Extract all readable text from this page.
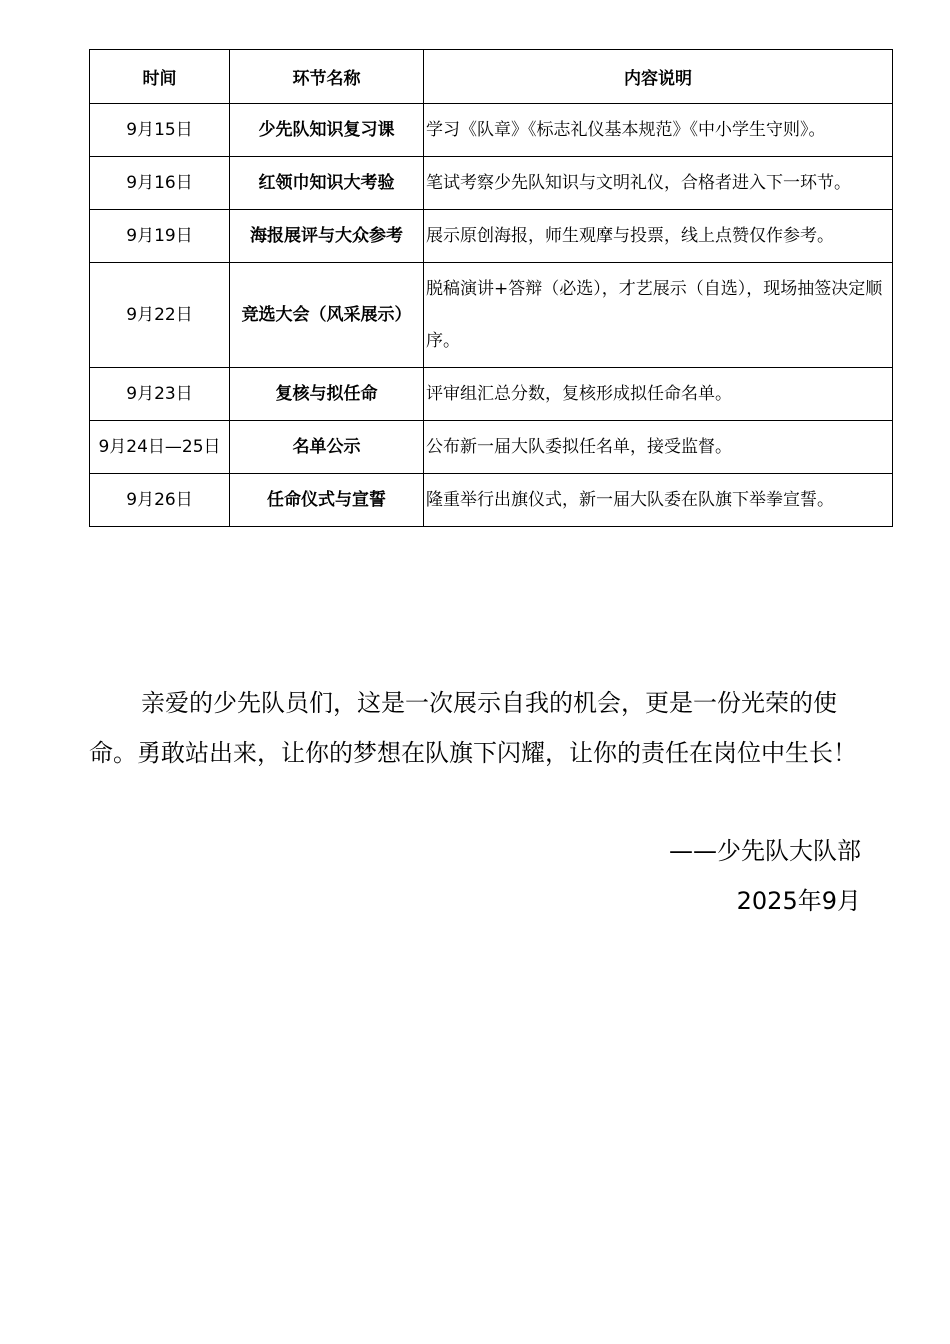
时间	环节名称	内容说明
9月15日	少先队知识复习课	学习《队章》《标志礼仪基本规范》《中小学生守则》。
9月16日	红领巾知识大考验	笔试考察少先队知识与文明礼仪，合格者进入下一环节。
9月19日	海报展评与大众参考	展示原创海报，师生观摩与投票，线上点赞仅作参考。
9月22日	竞选大会（风采展示）	脱稿演讲+答辩（必选），才艺展示（自选），现场抽签决定顺序。
9月23日	复核与拟任命	评审组汇总分数，复核形成拟任命名单。
9月24日—25日	名单公示	公布新一届大队委拟任名单，接受监督。
9月26日	任命仪式与宣誓	隆重举行出旗仪式，新一届大队委在队旗下举拳宣誓。

亲爱的少先队员们，这是一次展示自我的机会，更是一份光荣的使命。勇敢站出来，让你的梦想在队旗下闪耀，让你的责任在岗位中生长！

——少先队大队部
2025年9月
